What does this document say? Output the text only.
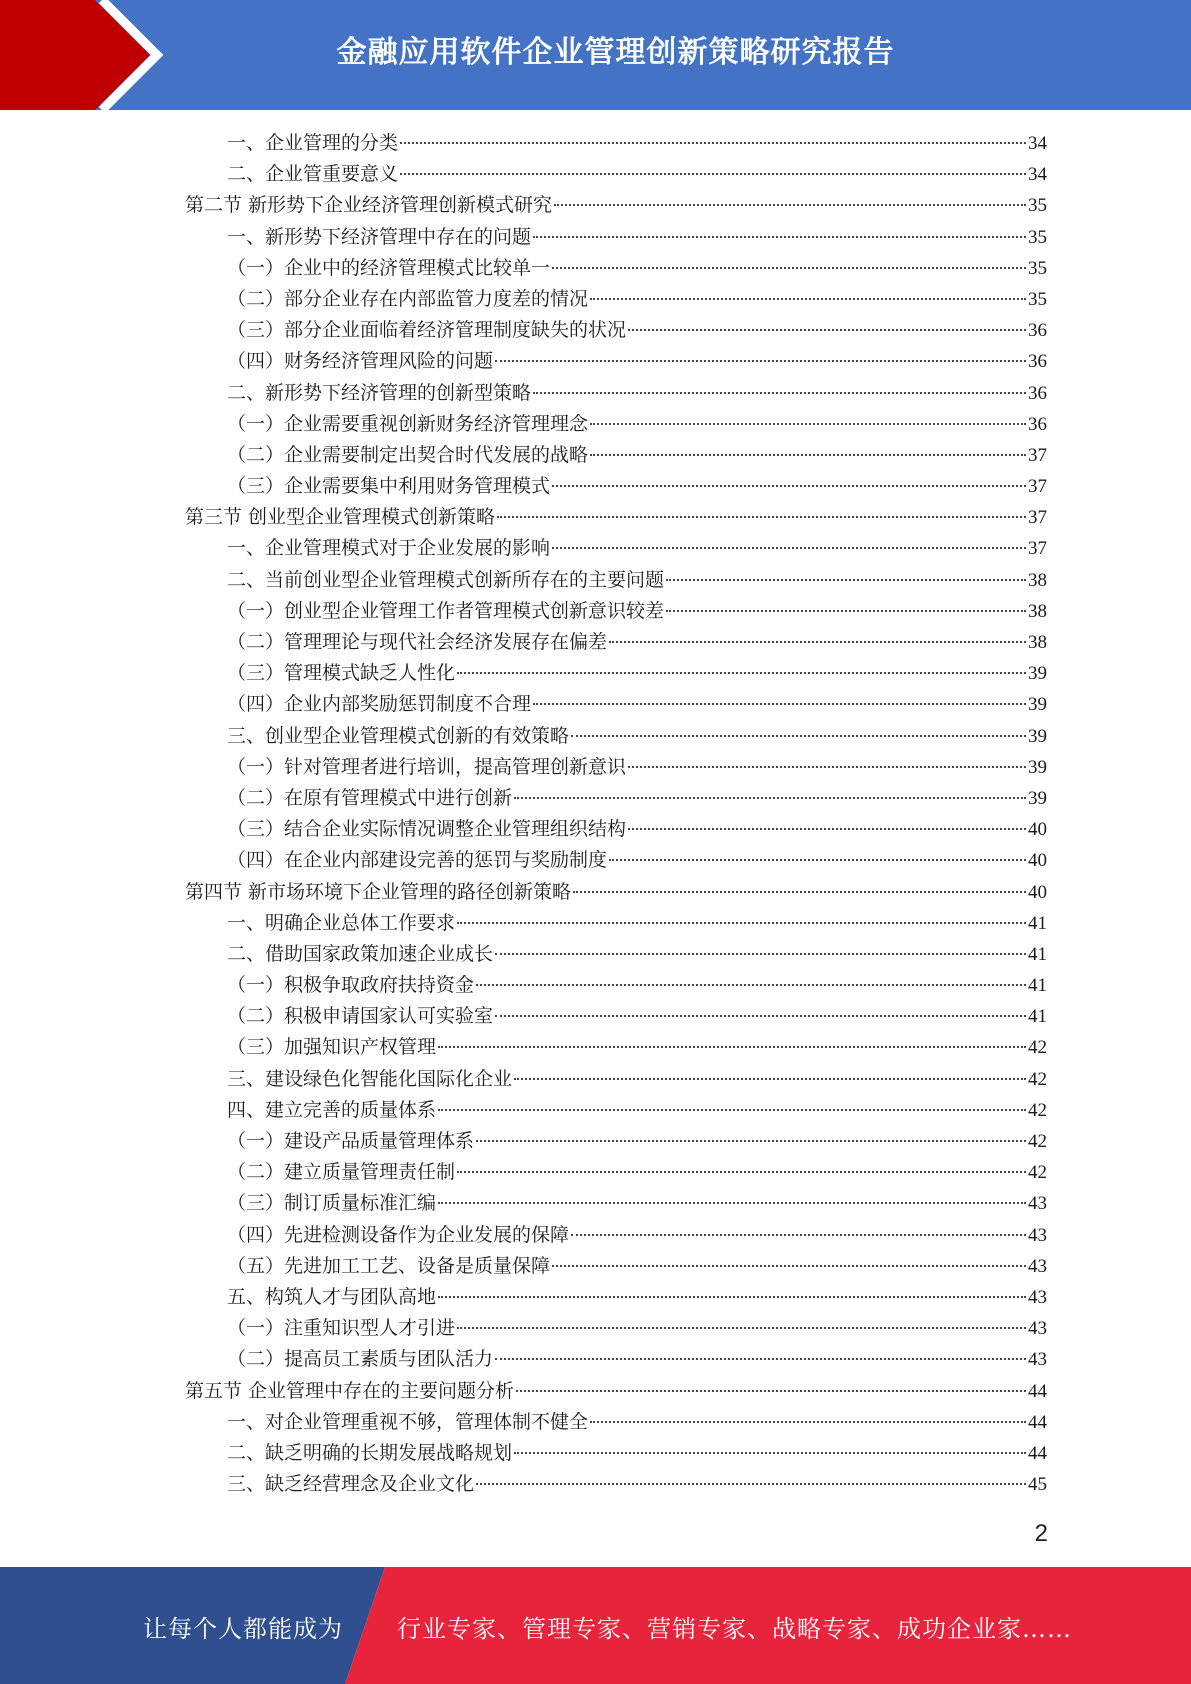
金融应用软件企业管理创新策略研究报告
一、企业管理的分类	34
二、企业管重要意义	34
第二节 新形势下企业经济管理创新模式研究	35
一、新形势下经济管理中存在的问题	35
（一）企业中的经济管理模式比较单一	35
（二）部分企业存在内部监管力度差的情况	35
（三）部分企业面临着经济管理制度缺失的状况	36
（四）财务经济管理风险的问题	36
二、新形势下经济管理的创新型策略	36
（一）企业需要重视创新财务经济管理理念	36
（二）企业需要制定出契合时代发展的战略	37
（三）企业需要集中利用财务管理模式	37
第三节 创业型企业管理模式创新策略	37
一、企业管理模式对于企业发展的影响	37
二、当前创业型企业管理模式创新所存在的主要问题	38
（一）创业型企业管理工作者管理模式创新意识较差	38
（二）管理理论与现代社会经济发展存在偏差	38
（三）管理模式缺乏人性化	39
（四）企业内部奖励惩罚制度不合理	39
三、创业型企业管理模式创新的有效策略	39
（一）针对管理者进行培训，提高管理创新意识	39
（二）在原有管理模式中进行创新	39
（三）结合企业实际情况调整企业管理组织结构	40
（四）在企业内部建设完善的惩罚与奖励制度	40
第四节 新市场环境下企业管理的路径创新策略	40
一、明确企业总体工作要求	41
二、借助国家政策加速企业成长	41
（一）积极争取政府扶持资金	41
（二）积极申请国家认可实验室	41
（三）加强知识产权管理	42
三、建设绿色化智能化国际化企业	42
四、建立完善的质量体系	42
（一）建设产品质量管理体系	42
（二）建立质量管理责任制	42
（三）制订质量标准汇编	43
（四）先进检测设备作为企业发展的保障	43
（五）先进加工工艺、设备是质量保障	43
五、构筑人才与团队高地	43
（一）注重知识型人才引进	43
（二）提高员工素质与团队活力	43
第五节 企业管理中存在的主要问题分析	44
一、对企业管理重视不够，管理体制不健全	44
二、缺乏明确的长期发展战略规划	44
三、缺乏经营理念及企业文化	45
2
让每个人都能成为 行业专家、管理专家、营销专家、战略专家、成功企业家……
